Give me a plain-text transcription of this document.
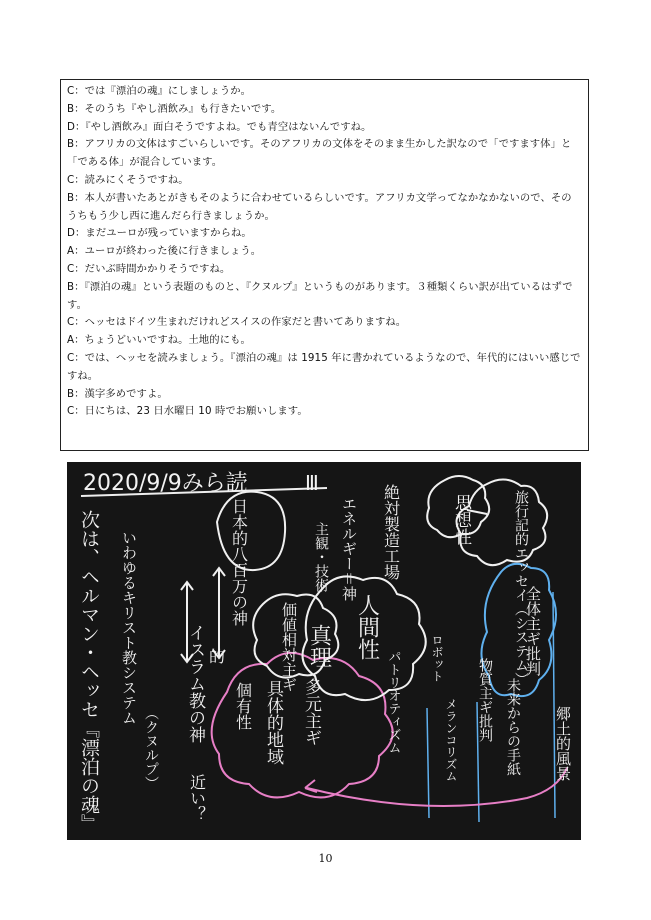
C：では『漂泊の魂』にしましょうか。
B：そのうち『やし酒飲み』も行きたいです。
D：『やし酒飲み』面白そうですよね。でも青空はないんですね。
B：アフリカの文体はすごいらしいです。そのアフリカの文体をそのまま生かした訳なので「ですます体」と「である体」が混合しています。
C：読みにくそうですね。
B：本人が書いたあとがきもそのように合わせているらしいです。アフリカ文学ってなかなかないので、そのうちもう少し西に進んだら行きましょうか。
D：まだユーロが残っていますからね。
A：ユーロが終わった後に行きましょう。
C：だいぶ時間かかりそうですね。
B：『漂泊の魂』という表題のものと、『クヌルプ』というものがあります。３種類くらい訳が出ているはずです。
C：ヘッセはドイツ生まれだけれどスイスの作家だと書いてありますね。
A：ちょうどいいですね。土地的にも。
C：では、ヘッセを読みましょう。『漂泊の魂』は 1915 年に書かれているようなので、年代的にはいい感じですね。
B：漢字多めですよ。
C：日にちは、23 日水曜日 10 時でお願いします。
2020/9/9みら読	Ⅲ
次は、ヘルマン・ヘッセ『漂泊の魂』	（クヌルプ）
いわゆるキリスト教システム	日本的八百万の神
イスラム教の神 的
近い？
個有性 具体的地域
価値相対主ギ 真理
多元主ギ
人間性
パトリオティズム
主観・技術 エネルギー＝神 絶対製造工場	思想性	旅行記的エッセイ（システム）
全体主ギ批判
未来からの手紙
物質主ギ批判
メランコリズム
ロボット
郷土的風景
10
